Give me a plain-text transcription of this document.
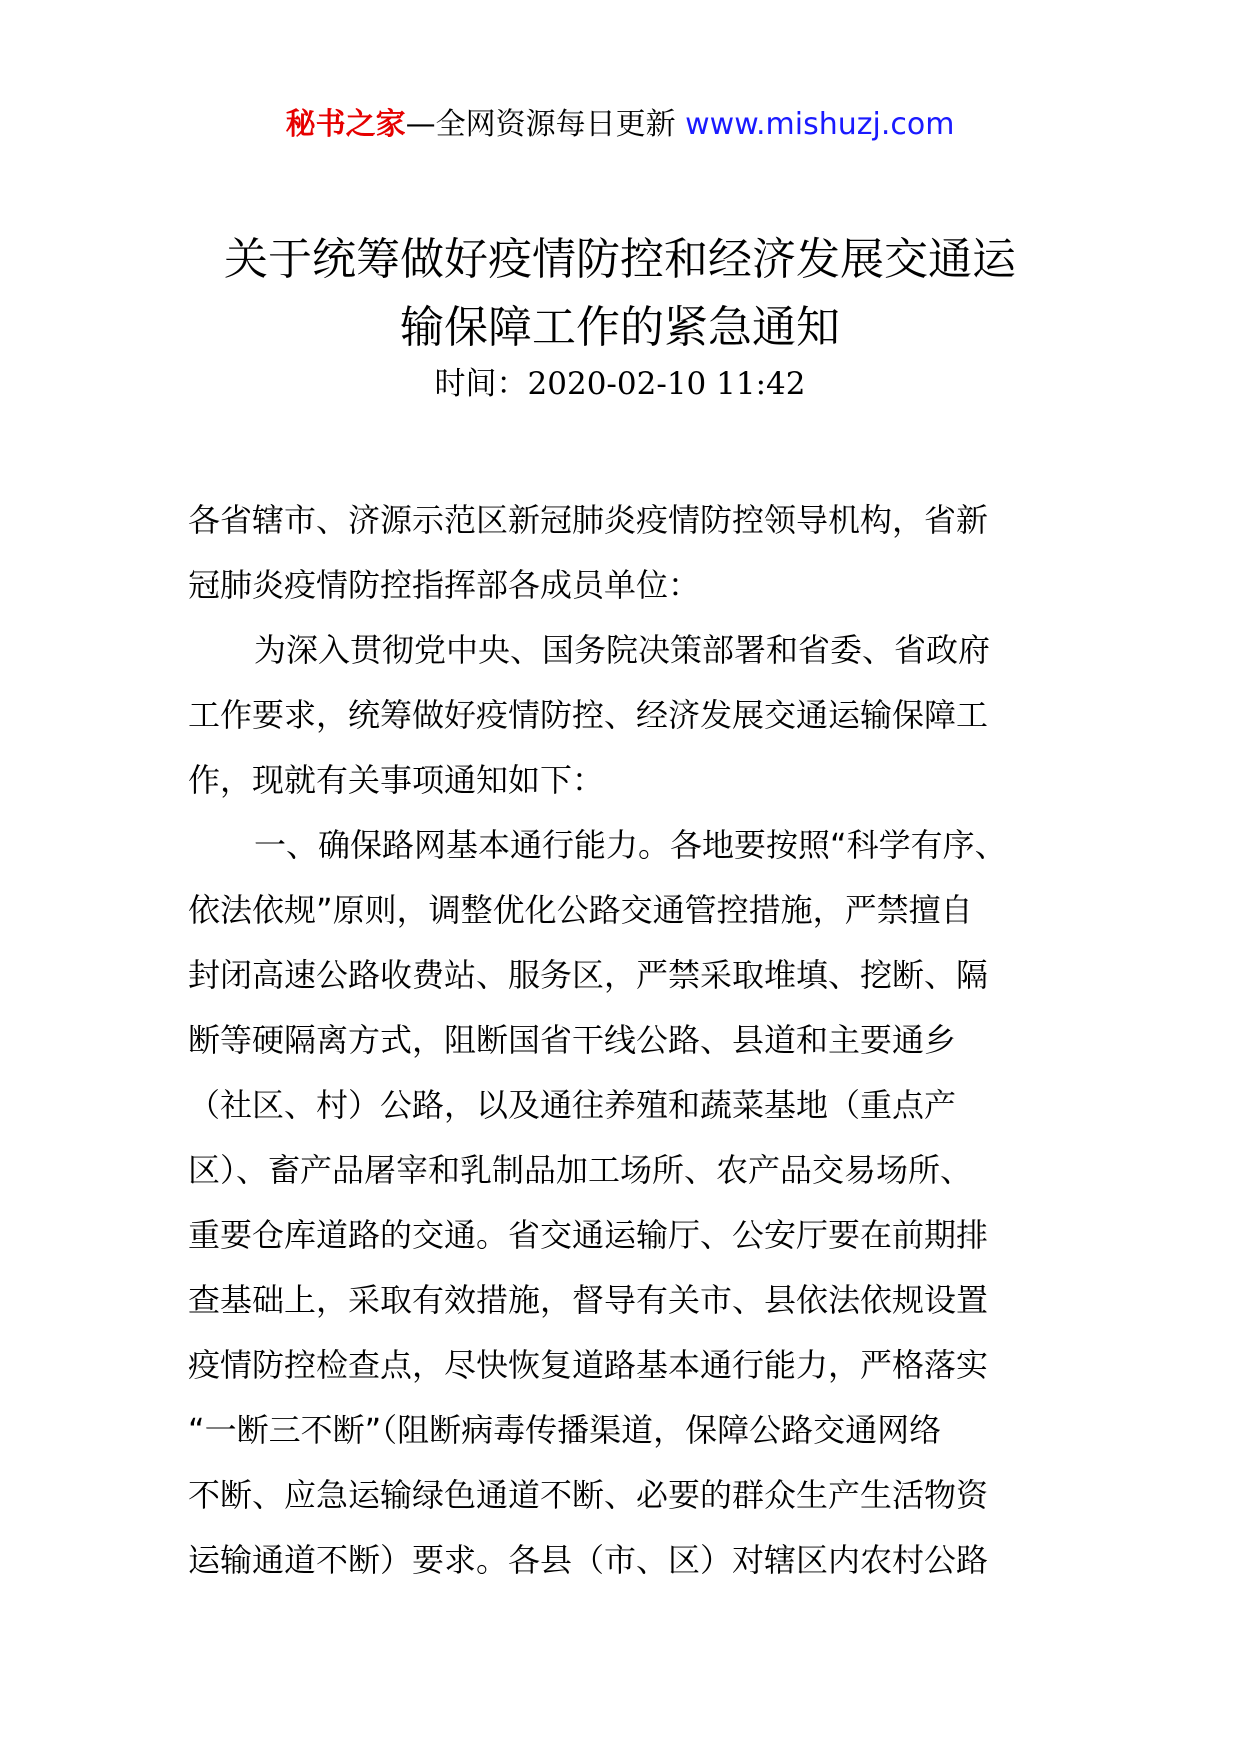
秘书之家—全网资源每日更新 www.mishuzj.com
关于统筹做好疫情防控和经济发展交通运
输保障工作的紧急通知
时间：2020-02-10 11:42
各省辖市、济源示范区新冠肺炎疫情防控领导机构，省新
冠肺炎疫情防控指挥部各成员单位：
为深入贯彻党中央、国务院决策部署和省委、省政府
工作要求，统筹做好疫情防控、经济发展交通运输保障工
作，现就有关事项通知如下：
一、确保路网基本通行能力。各地要按照“科学有序、
依法依规”原则，调整优化公路交通管控措施，严禁擅自
封闭高速公路收费站、服务区，严禁采取堆填、挖断、隔
断等硬隔离方式，阻断国省干线公路、县道和主要通乡
（社区、村）公路，以及通往养殖和蔬菜基地（重点产
区）、畜产品屠宰和乳制品加工场所、农产品交易场所、
重要仓库道路的交通。省交通运输厅、公安厅要在前期排
查基础上，采取有效措施，督导有关市、县依法依规设置
疫情防控检查点，尽快恢复道路基本通行能力，严格落实
“一断三不断”（阻断病毒传播渠道，保障公路交通网络
不断、应急运输绿色通道不断、必要的群众生产生活物资
运输通道不断）要求。各县（市、区）对辖区内农村公路
